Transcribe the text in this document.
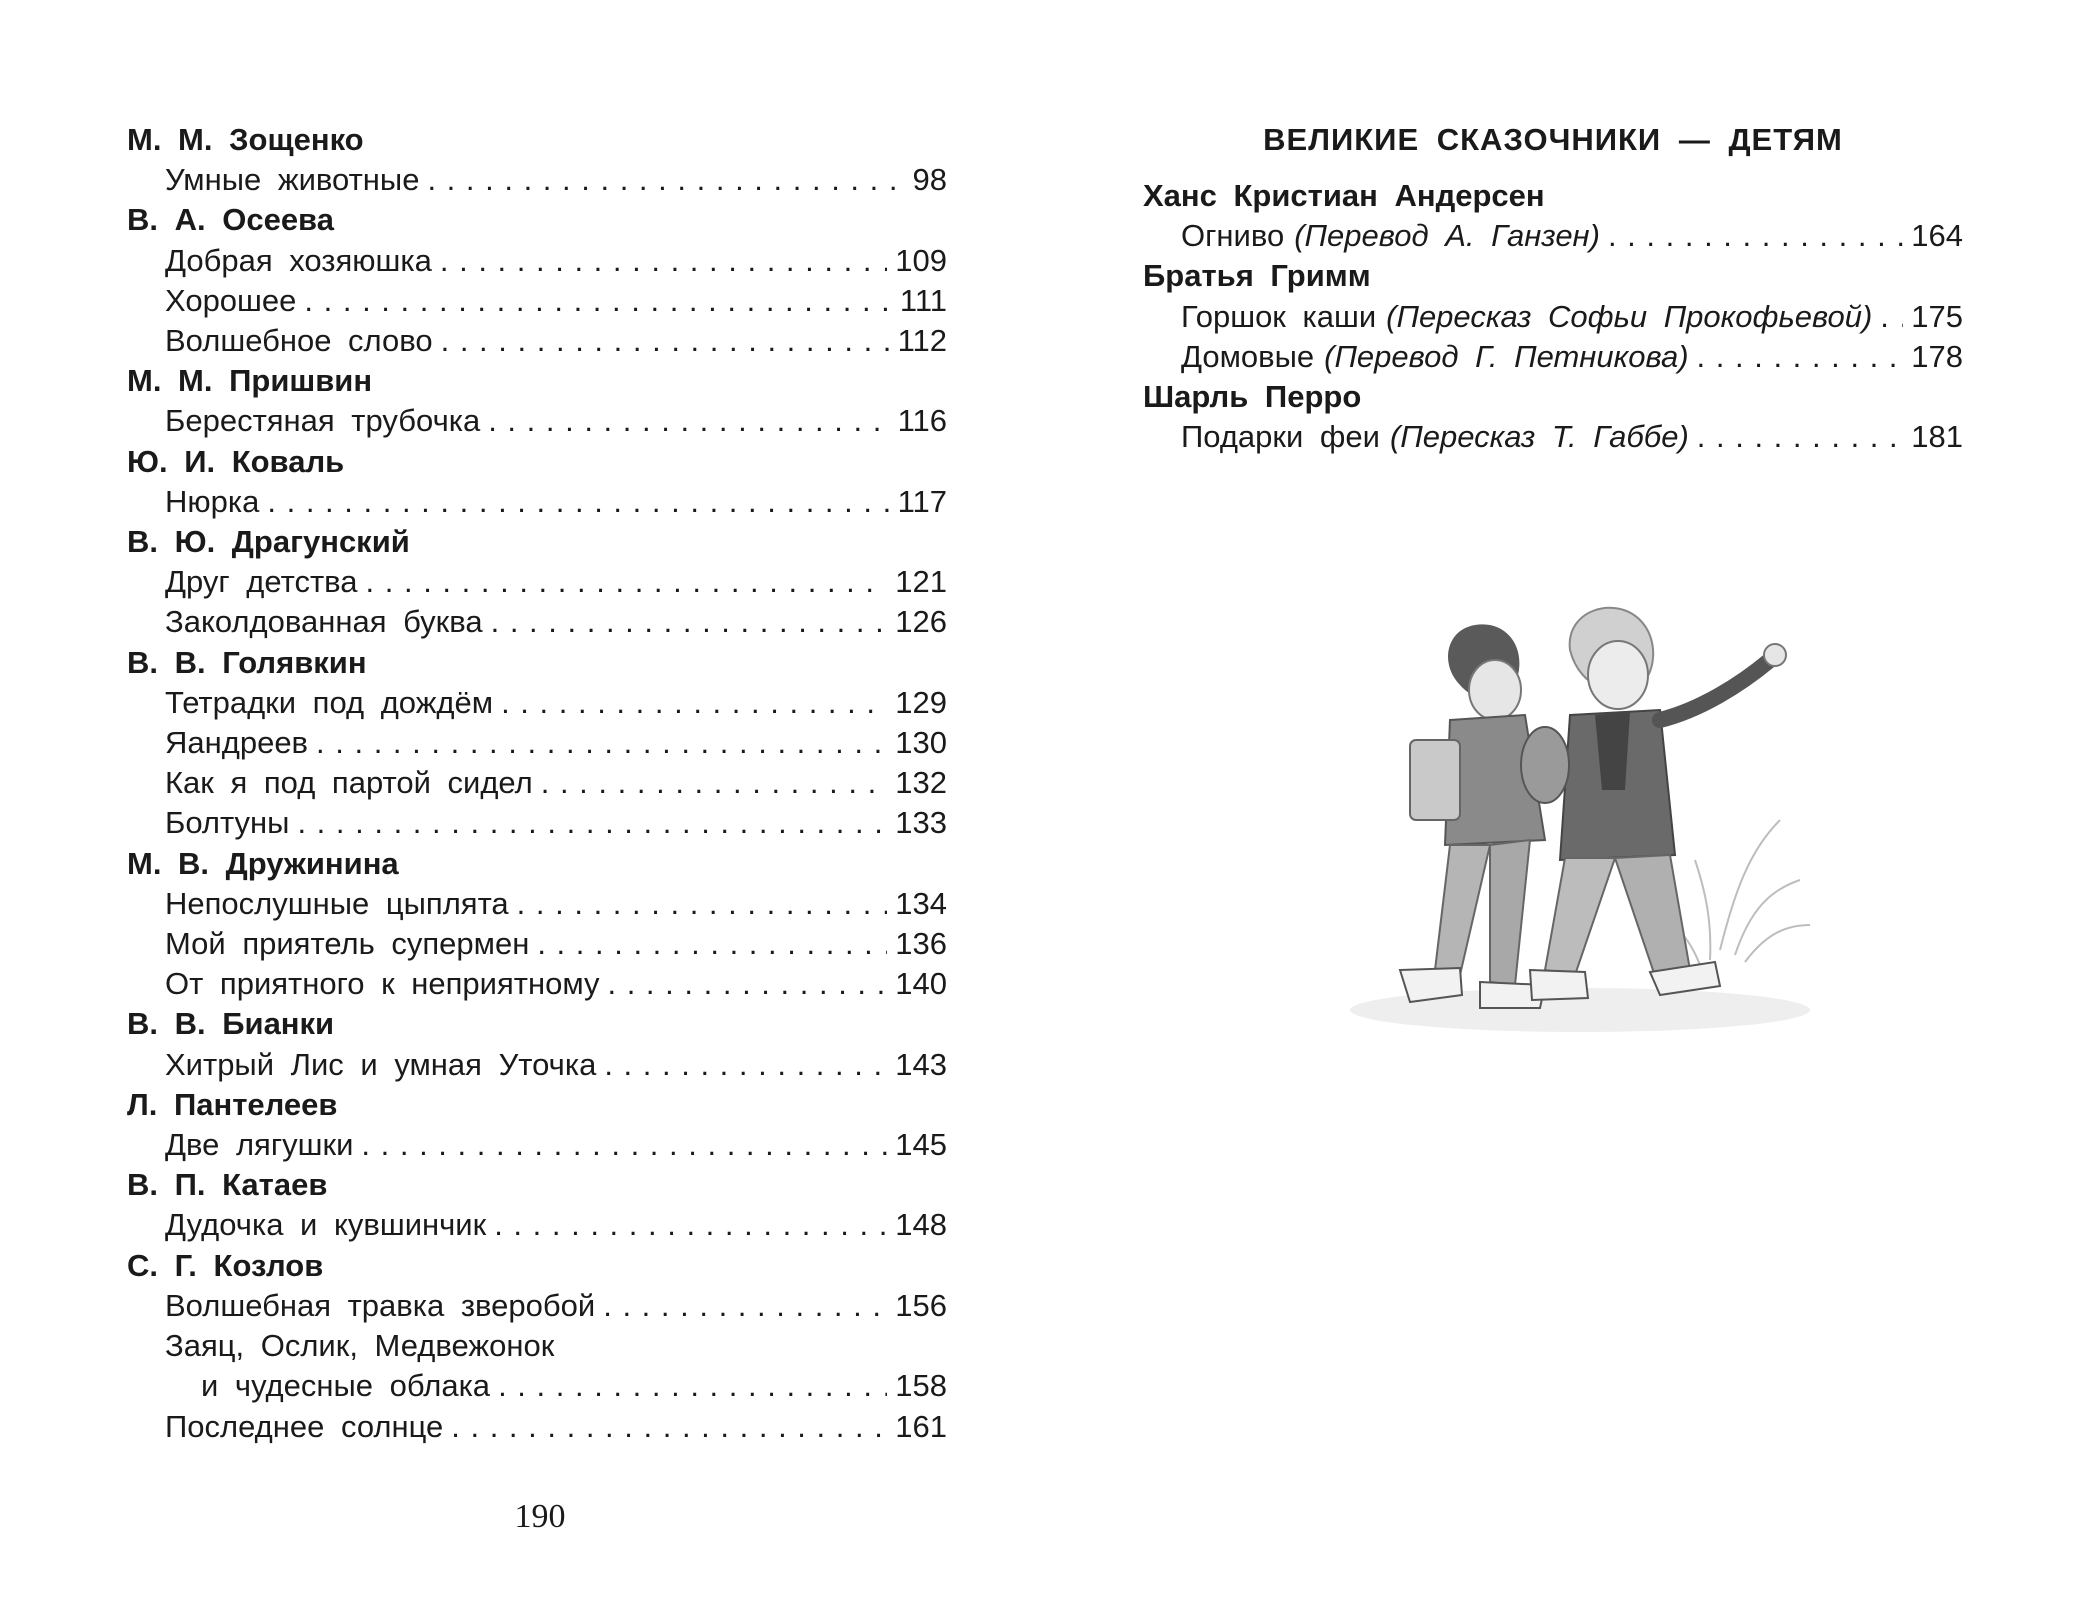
М. М. Зощенко
Умные животные . . .	98
В. А. Осеева
Добрая хозяюшка . . .	109
Хорошее . . .	111
Волшебное слово . . .	112
М. М. Пришвин
Берестяная трубочка . . .	116
Ю. И. Коваль
Нюрка . . .	117
В. Ю. Драгунский
Друг детства . . .	121
Заколдованная буква . . .	126
В. В. Голявкин
Тетрадки под дождём . . .	129
Яандреев . . .	130
Как я под партой сидел . . .	132
Болтуны . . .	133
М. В. Дружинина
Непослушные цыплята . . .	134
Мой приятель супермен . . .	136
От приятного к неприятному . . .	140
В. В. Бианки
Хитрый Лис и умная Уточка . . .	143
Л. Пантелеев
Две лягушки . . .	145
В. П. Катаев
Дудочка и кувшинчик . . .	148
С. Г. Козлов
Волшебная травка зверобой . . .	156
Заяц, Ослик, Медвежонок
и чудесные облака . . .	158
Последнее солнце . . .	161
190
ВЕЛИКИЕ СКАЗОЧНИКИ — ДЕТЯМ
Ханс Кристиан Андерсен
Огниво (Перевод А. Ганзен) . . .	164
Братья Гримм
Горшок каши (Пересказ Софьи Прокофьевой) . . . 175
Домовые (Перевод Г. Петникова) . . .	178
Шарль Перро
Подарки феи (Пересказ Т. Габбе) . . .	181
